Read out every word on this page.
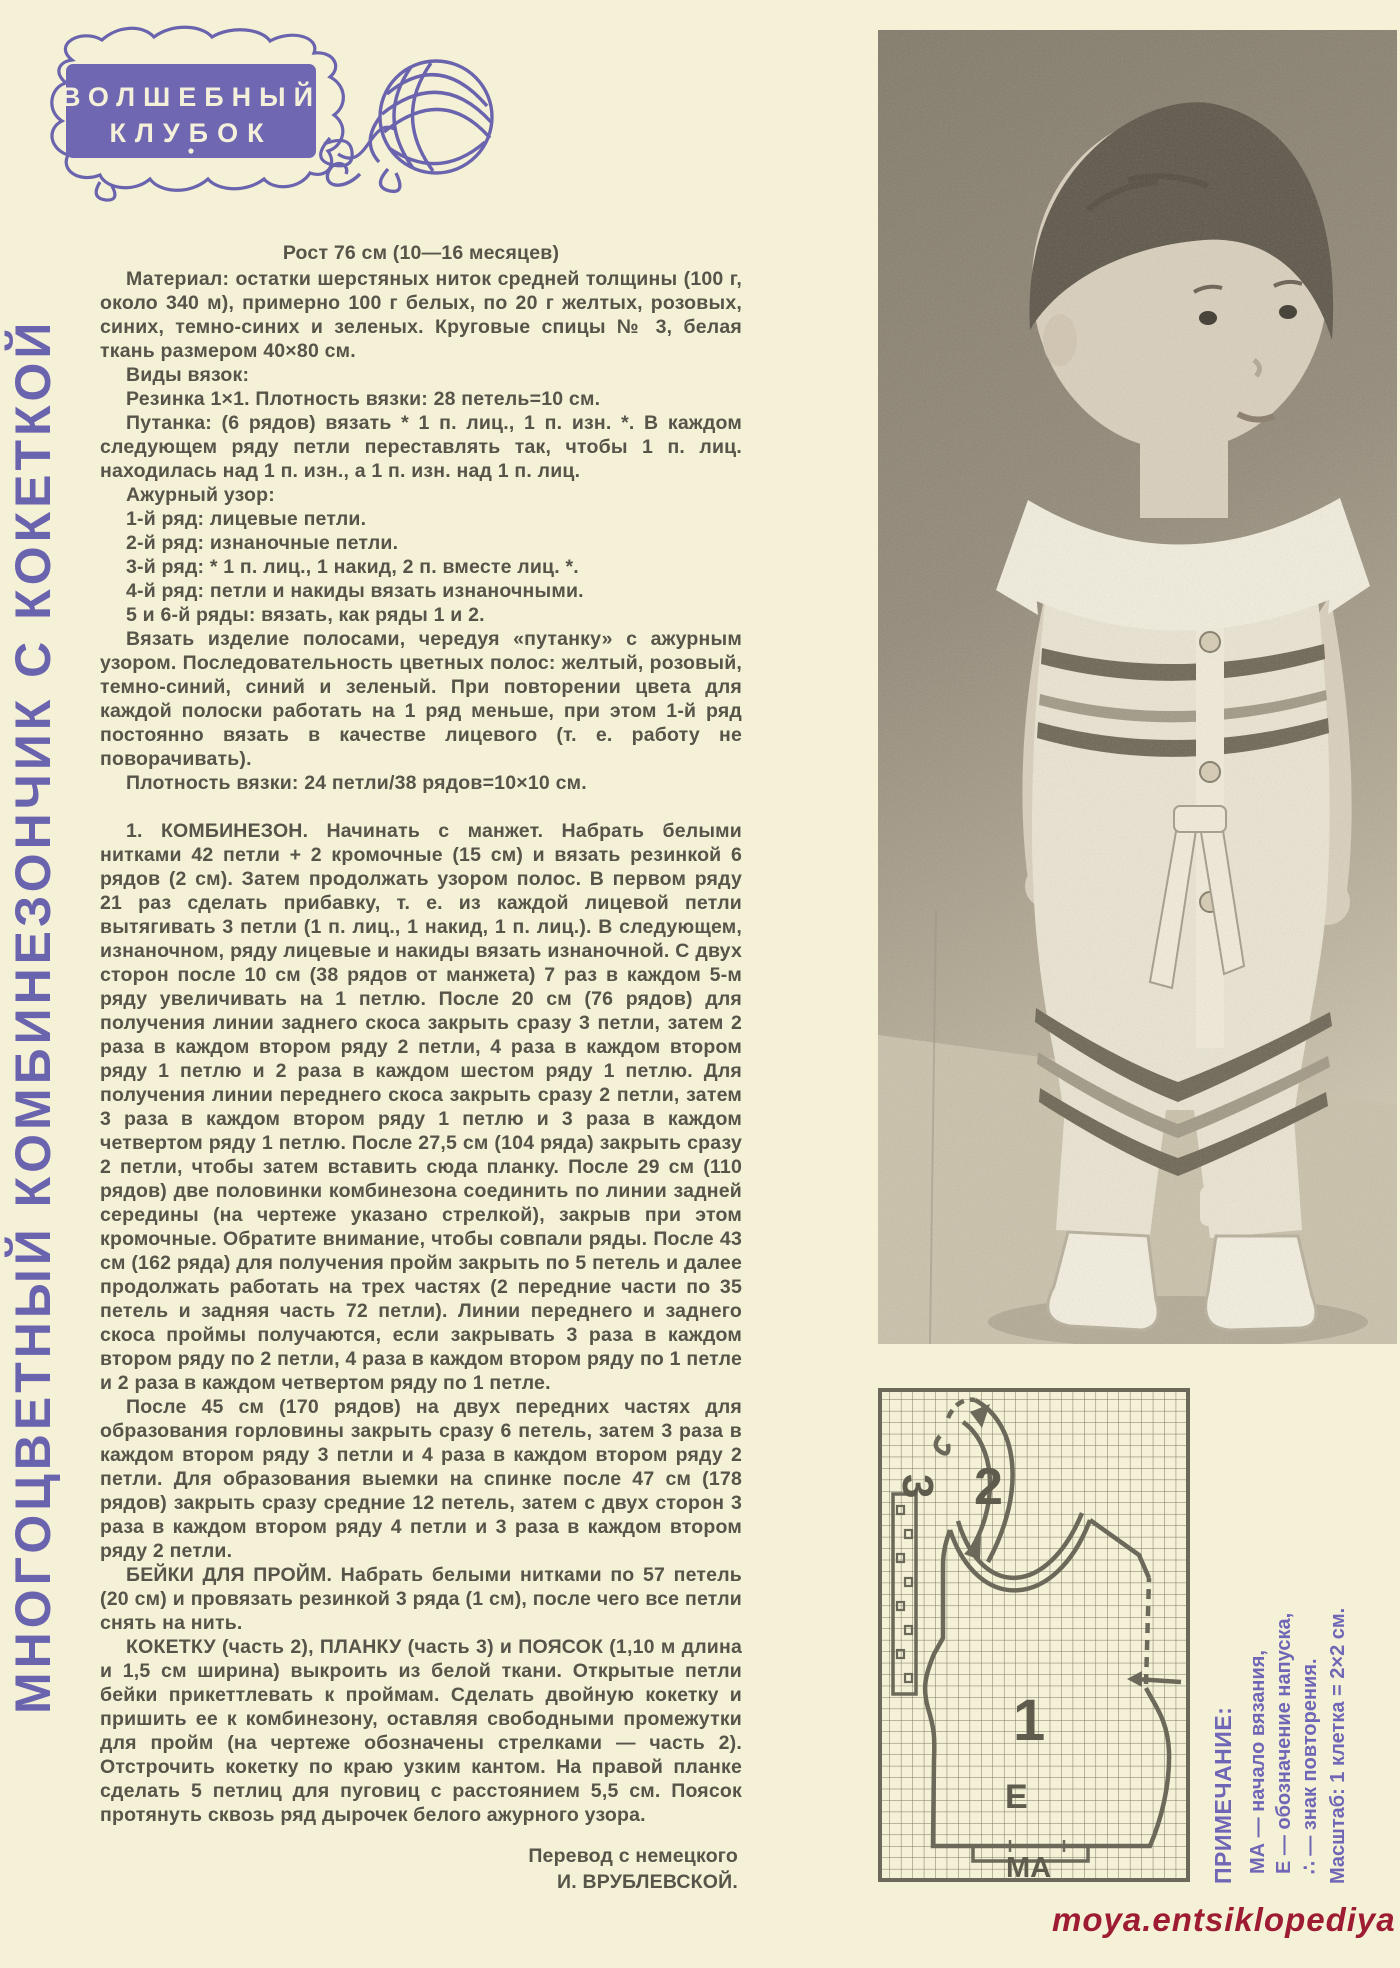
ВОЛШЕБНЫЙ
КЛУБОК
МНОГОЦВЕТНЫЙ КОМБИНЕЗОНЧИК С КОКЕТКОЙ
Рост 76 см (10—16 месяцев)

Материал: остатки шерстяных ниток средней толщины (100 г, около 340 м), примерно 100 г белых, по 20 г желтых, розовых, синих, темно-синих и зеленых. Круговые спицы № 3, белая ткань размером 40×80 см.

Виды вязок:

Резинка 1×1. Плотность вязки: 28 петель=10 см.

Путанка: (6 рядов) вязать * 1 п. лиц., 1 п. изн. *. В каждом следующем ряду петли переставлять так, чтобы 1 п. лиц. находилась над 1 п. изн., а 1 п. изн. над 1 п. лиц.

Ажурный узор:

1-й ряд: лицевые петли.

2-й ряд: изнаночные петли.

3-й ряд: * 1 п. лиц., 1 накид, 2 п. вместе лиц. *.

4-й ряд: петли и накиды вязать изнаночными.

5 и 6-й ряды: вязать, как ряды 1 и 2.

Вязать изделие полосами, чередуя «путанку» с ажурным узором. Последовательность цветных полос: желтый, розовый, темно-синий, синий и зеленый. При повторении цвета для каждой полоски работать на 1 ряд меньше, при этом 1-й ряд постоянно вязать в качестве лицевого (т. е. работу не поворачивать).

Плотность вязки: 24 петли/38 рядов=10×10 см.

1. КОМБИНЕЗОН. Начинать с манжет. Набрать белыми нитками 42 петли + 2 кромочные (15 см) и вязать резинкой 6 рядов (2 см). Затем продолжать узором полос. В первом ряду 21 раз сделать прибавку, т. е. из каждой лицевой петли вытягивать 3 петли (1 п. лиц., 1 накид, 1 п. лиц.). В следующем, изнаночном, ряду лицевые и накиды вязать изнаночной. С двух сторон после 10 см (38 рядов от манжета) 7 раз в каждом 5-м ряду увеличивать на 1 петлю. После 20 см (76 рядов) для получения линии заднего скоса закрыть сразу 3 петли, затем 2 раза в каждом втором ряду 2 петли, 4 раза в каждом втором ряду 1 петлю и 2 раза в каждом шестом ряду 1 петлю. Для получения линии переднего скоса закрыть сразу 2 петли, затем 3 раза в каждом втором ряду 1 петлю и 3 раза в каждом четвертом ряду 1 петлю. После 27,5 см (104 ряда) закрыть сразу 2 петли, чтобы затем вставить сюда планку. После 29 см (110 рядов) две половинки комбинезона соединить по линии задней середины (на чертеже указано стрелкой), закрыв при этом кромочные. Обратите внимание, чтобы совпали ряды. После 43 см (162 ряда) для получения пройм закрыть по 5 петель и далее продолжать работать на трех частях (2 передние части по 35 петель и задняя часть 72 петли). Линии переднего и заднего скоса проймы получаются, если закрывать 3 раза в каждом втором ряду по 2 петли, 4 раза в каждом втором ряду по 1 петле и 2 раза в каждом четвертом ряду по 1 петле.

После 45 см (170 рядов) на двух передних частях для образования горловины закрыть сразу 6 петель, затем 3 раза в каждом втором ряду 3 петли и 4 раза в каждом втором ряду 2 петли. Для образования выемки на спинке после 47 см (178 рядов) закрыть сразу средние 12 петель, затем с двух сторон 3 раза в каждом втором ряду 4 петли и 3 раза в каждом втором ряду 2 петли.

БЕЙКИ ДЛЯ ПРОЙМ. Набрать белыми нитками по 57 петель (20 см) и провязать резинкой 3 ряда (1 см), после чего все петли снять на нить.

КОКЕТКУ (часть 2), ПЛАНКУ (часть 3) и ПОЯСОК (1,10 м длина и 1,5 см ширина) выкроить из белой ткани. Открытые петли бейки прикеттлевать к проймам. Сделать двойную кокетку и пришить ее к комбинезону, оставляя свободными промежутки для пройм (на чертеже обозначены стрелками — часть 2). Отстрочить кокетку по краю узким кантом. На правой планке сделать 5 петлиц для пуговиц с расстоянием 5,5 см. Поясок протянуть сквозь ряд дырочек белого ажурного узора.

Перевод с немецкого
И. ВРУБЛЕВСКОЙ.
1
2
3
E
МА	ПРИМЕЧАНИЕ: МА — начало вязания, Е — обозначение напуска, ∴ — знак повторения. Масштаб: 1 клетка = 2×2 см.
moya.entsiklopediya
